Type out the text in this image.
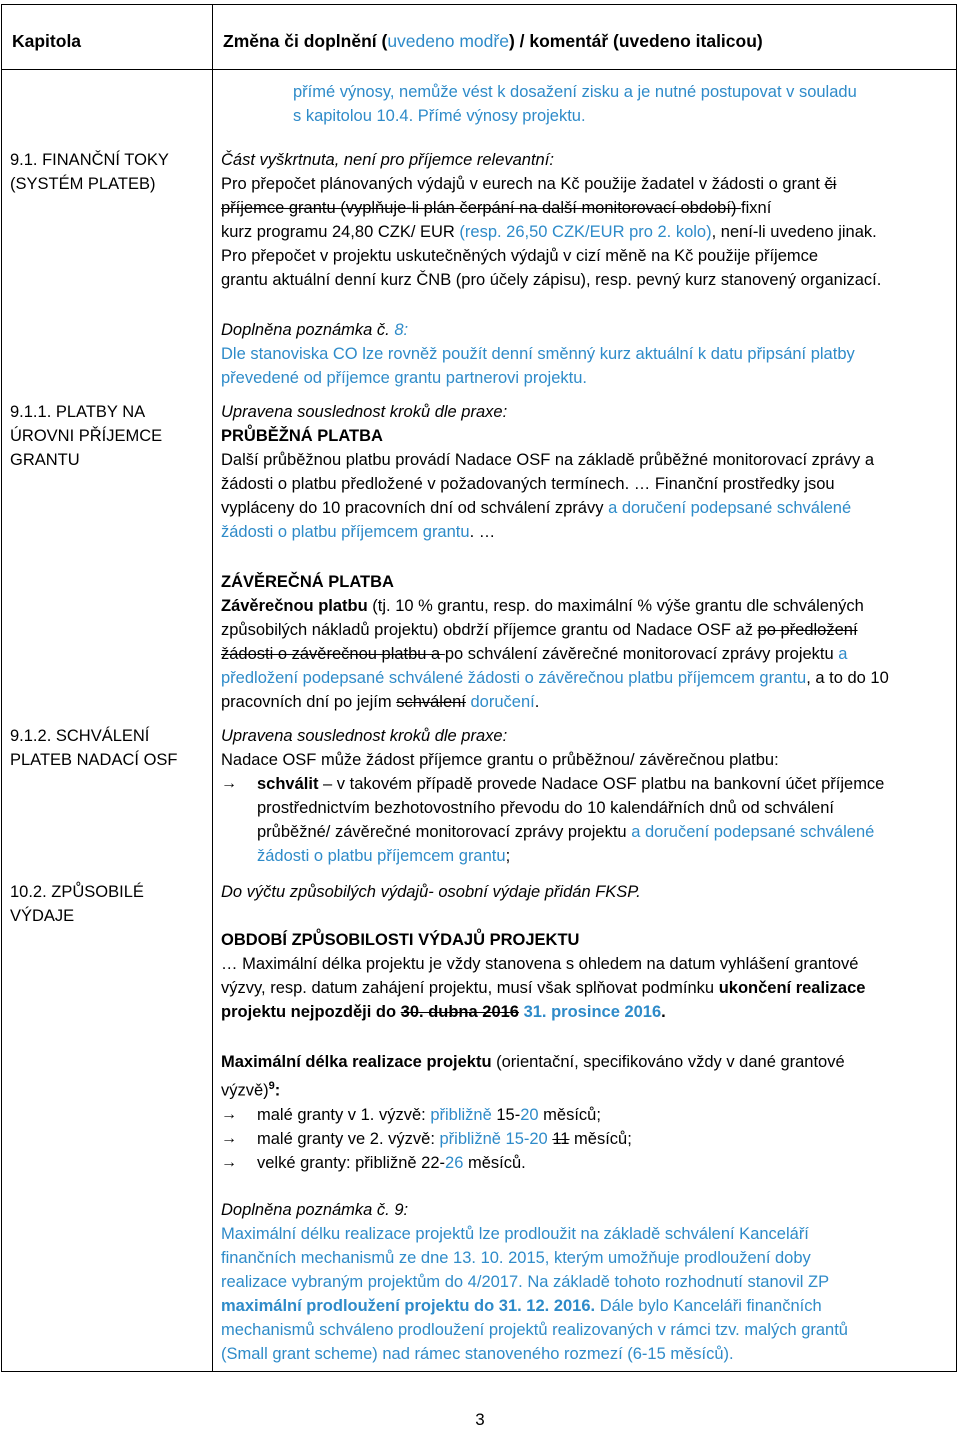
Kapitola	Změna či doplnění (uvedeno modře) / komentář (uvedeno italicou)
9.1. FINANČNÍ TOKY
(SYSTÉM PLATEB)
9.1.1. PLATBY NA
ÚROVNI PŘÍJEMCE
GRANTU
9.1.2. SCHVÁLENÍ
PLATEB NADACÍ OSF
10.2. ZPŮSOBILÉ
VÝDAJE
přímé výnosy, nemůže vést k dosažení zisku a je nutné postupovat v souladu
s kapitolou 10.4. Přímé výnosy projektu.
Část vyškrtnuta, není pro příjemce relevantní:
Pro přepočet plánovaných výdajů v eurech na Kč použije žadatel v žádosti o grant či
příjemce grantu (vyplňuje-li plán čerpání na další monitorovací období) fixní
kurz programu 24,80 CZK/ EUR (resp. 26,50 CZK/EUR pro 2. kolo), není-li uvedeno jinak.
Pro přepočet v projektu uskutečněných výdajů v cizí měně na Kč použije příjemce
grantu aktuální denní kurz ČNB (pro účely zápisu), resp. pevný kurz stanovený organizací.
Doplněna poznámka č. 8:
Dle stanoviska CO lze rovněž použít denní směnný kurz aktuální k datu připsání platby
převedené od příjemce grantu partnerovi projektu.
Upravena souslednost kroků dle praxe:
PRŮBĚŽNÁ PLATBA
Další průběžnou platbu provádí Nadace OSF na základě průběžné monitorovací zprávy a
žádosti o platbu předložené v požadovaných termínech. … Finanční prostředky jsou
vypláceny do 10 pracovních dní od schválení zprávy a doručení podepsané schválené
žádosti o platbu příjemcem grantu. …
ZÁVĚREČNÁ PLATBA
Závěrečnou platbu (tj. 10 % grantu, resp. do maximální % výše grantu dle schválených
způsobilých nákladů projektu) obdrží příjemce grantu od Nadace OSF až po předložení
žádosti o závěrečnou platbu a po schválení závěrečné monitorovací zprávy projektu a
předložení podepsané schválené žádosti o závěrečnou platbu příjemcem grantu, a to do 10
pracovních dní po jejím schválení doručení.
Upravena souslednost kroků dle praxe:
Nadace OSF může žádost příjemce grantu o průběžnou/ závěrečnou platbu:
→ schválit – v takovém případě provede Nadace OSF platbu na bankovní účet příjemce
prostřednictvím bezhotovostního převodu do 10 kalendářních dnů od schválení
průběžné/ závěrečné monitorovací zprávy projektu a doručení podepsané schválené
žádosti o platbu příjemcem grantu;
Do výčtu způsobilých výdajů- osobní výdaje přidán FKSP.
OBDOBÍ ZPŮSOBILOSTI VÝDAJŮ PROJEKTU
… Maximální délka projektu je vždy stanovena s ohledem na datum vyhlášení grantové
výzvy, resp. datum zahájení projektu, musí však splňovat podmínku ukončení realizace
projektu nejpozději do 30. dubna 2016 31. prosince 2016.
Maximální délka realizace projektu (orientační, specifikováno vždy v dané grantové
výzvě)$^9$:
→ malé granty v 1. výzvě: přibližně 15-20 měsíců;
→ malé granty ve 2. výzvě: přibližně 15-20 11 měsíců;
→ velké granty: přibližně 22-26 měsíců.
Doplněna poznámka č. 9:
Maximální délku realizace projektů lze prodloužit na základě schválení Kanceláří
finančních mechanismů ze dne 13. 10. 2015, kterým umožňuje prodloužení doby
realizace vybraným projektům do 4/2017. Na základě tohoto rozhodnutí stanovil ZP
maximální prodloužení projektu do 31. 12. 2016. Dále bylo Kanceláři finančních
mechanismů schváleno prodloužení projektů realizovaných v rámci tzv. malých grantů
(Small grant scheme) nad rámec stanoveného rozmezí (6-15 měsíců).
3
